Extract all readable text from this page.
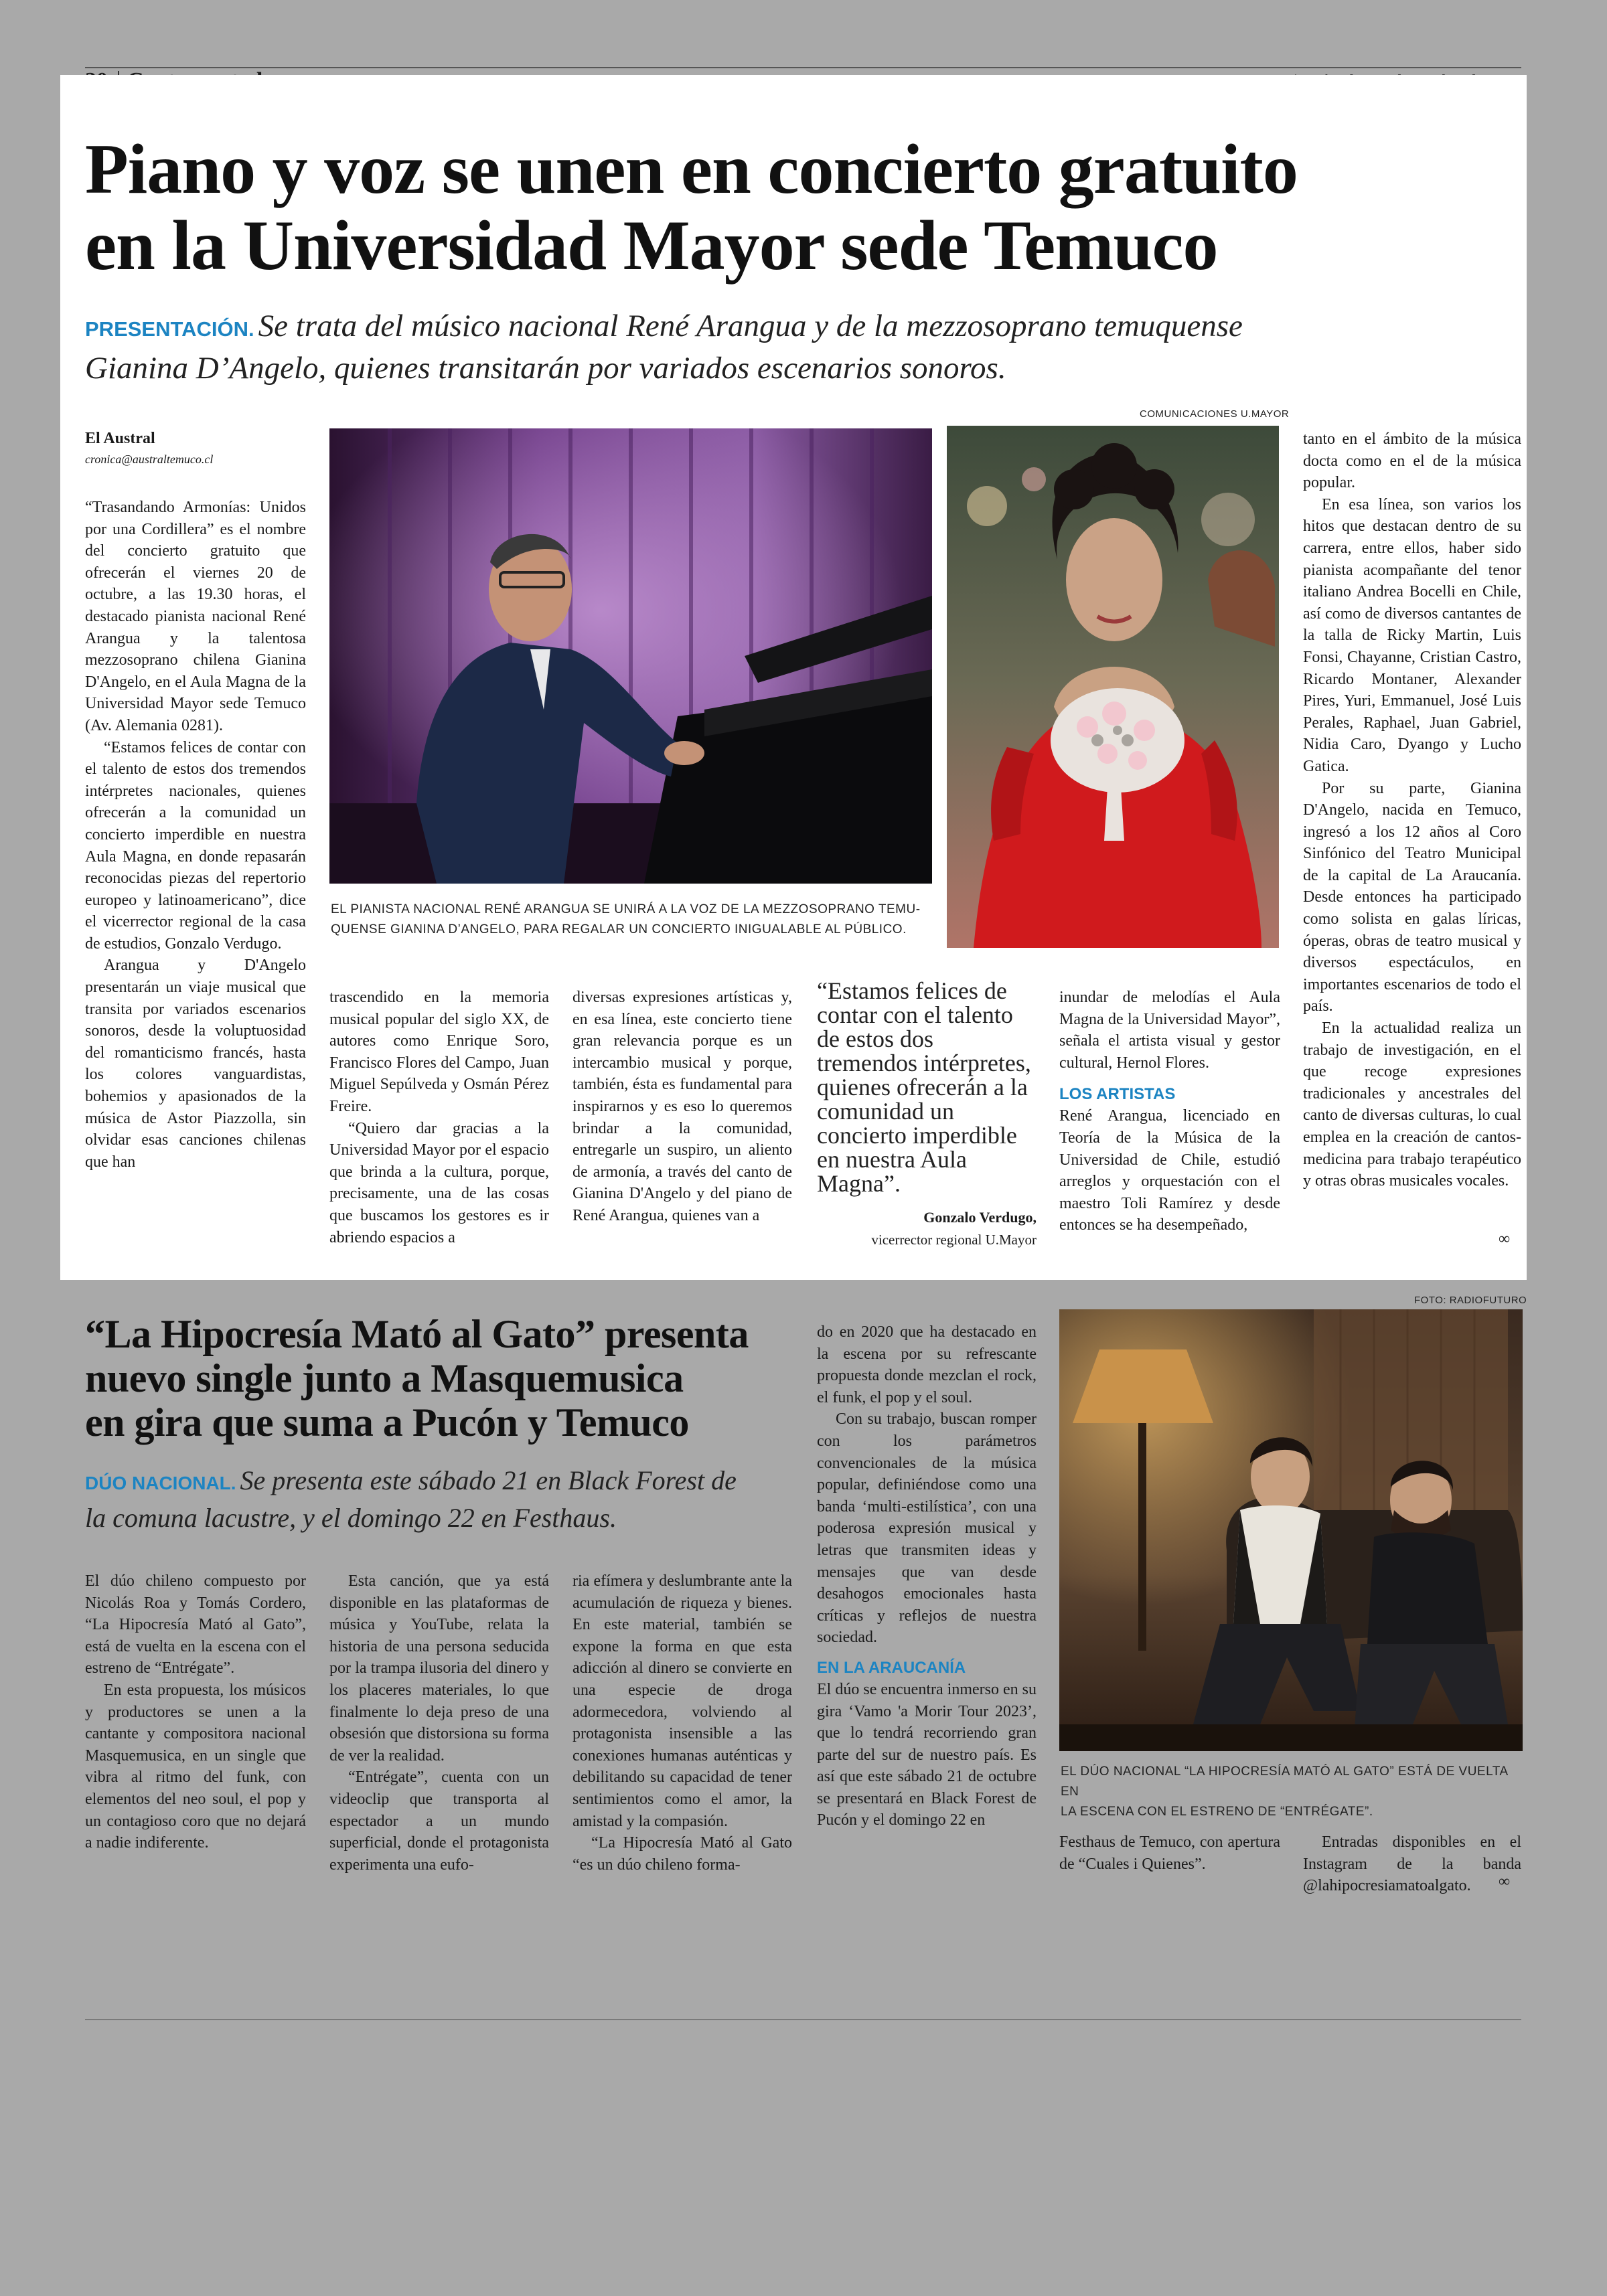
Piano y voz se unen en concierto gratuito
en la Universidad Mayor sede Temuco
PRESENTACIÓN. Se trata del músico nacional René Arangua y de la mezzosoprano temuquense
Gianina D’Angelo, quienes transitarán por variados escenarios sonoros.
El Austral
cronica@australtemuco.cl
COMUNICACIONES U.MAYOR
EL PIANISTA NACIONAL RENÉ ARANGUA SE UNIRÁ A LA VOZ DE LA MEZZOSOPRANO TEMU-
QUENSE GIANINA D’ANGELO, PARA REGALAR UN CONCIERTO INIGUALABLE AL PÚBLICO.

“Trasandando Armonías: Unidos por una Cordillera” es el nombre del concierto gratuito que ofrecerán el viernes 20 de octubre, a las 19.30 horas, el destacado pianista nacional René Arangua y la talentosa mezzosoprano chilena Gianina D'Angelo, en el Aula Magna de la Universidad Mayor sede Temuco (Av. Alemania 0281).

“Estamos felices de contar con el talento de estos dos tremendos intérpretes nacionales, quienes ofrecerán a la comunidad un concierto imperdible en nuestra Aula Magna, en donde repasarán reconocidas piezas del repertorio europeo y latinoamericano”, dice el vicerrector regional de la casa de estudios, Gonzalo Verdugo.

Arangua y D'Angelo presentarán un viaje musical que transita por variados escenarios sonoros, desde la voluptuosidad del romanticismo francés, hasta los colores vanguardistas, bohemios y apasionados de la música de Astor Piazzolla, sin olvidar esas canciones chilenas que han

trascendido en la memoria musical popular del siglo XX, de autores como Enrique Soro, Francisco Flores del Campo, Juan Miguel Sepúlveda y Osmán Pérez Freire.

“Quiero dar gracias a la Universidad Mayor por el espacio que brinda a la cultura, porque, precisamente, una de las cosas que buscamos los gestores es ir abriendo espacios a

diversas expresiones artísticas y, en esa línea, este concierto tiene gran relevancia porque es un intercambio musical y porque, también, ésta es fundamental para inspirarnos y es eso lo queremos brindar a la comunidad, entregarle un suspiro, un aliento de armonía, a través del canto de Gianina D'Angelo y del piano de René Arangua, quienes van a

“Estamos felices de contar con el talento de estos dos tremendos intérpretes, quienes ofrecerán a la comunidad un concierto imperdible en nuestra Aula Magna”.
Gonzalo Verdugo,
vicerrector regional U.Mayor

inundar de melodías el Aula Magna de la Universidad Mayor”, señala el artista visual y gestor cultural, Hernol Flores.

LOS ARTISTAS

René Arangua, licenciado en Teoría de la Música de la Universidad de Chile, estudió arreglos y orquestación con el maestro Toli Ramírez y desde entonces se ha desempeñado,

tanto en el ámbito de la música docta como en el de la música popular.

En esa línea, son varios los hitos que destacan dentro de su carrera, entre ellos, haber sido pianista acompañante del tenor italiano Andrea Bocelli en Chile, así como de diversos cantantes de la talla de Ricky Martin, Luis Fonsi, Chayanne, Cristian Castro, Ricardo Montaner, Alexander Pires, Yuri, Emmanuel, José Luis Perales, Raphael, Juan Gabriel, Nidia Caro, Dyango y Lucho Gatica.

Por su parte, Gianina D'Angelo, nacida en Temuco, ingresó a los 12 años al Coro Sinfónico del Teatro Municipal de la capital de La Araucanía. Desde entonces ha participado como solista en galas líricas, óperas, obras de teatro musical y diversos espectáculos, en importantes escenarios de todo el país.

En la actualidad realiza un trabajo de investigación, en el que recoge expresiones tradicionales y ancestrales del canto de diversas culturas, lo cual emplea en la creación de cantos-medicina para trabajo terapéutico y otras obras musicales vocales.

∞
“La Hipocresía Mató al Gato” presenta
nuevo single junto a Masquemusica
en gira que suma a Pucón y Temuco
DÚO NACIONAL. Se presenta este sábado 21 en Black Forest de
la comuna lacustre, y el domingo 22 en Festhaus.

El dúo chileno compuesto por Nicolás Roa y Tomás Cordero, “La Hipocresía Mató al Gato”, está de vuelta en la escena con el estreno de “Entrégate”.

En esta propuesta, los músicos y productores se unen a la cantante y compositora nacional Masquemusica, en un single que vibra al ritmo del funk, con elementos del neo soul, el pop y un contagioso coro que no dejará a nadie indiferente.

Esta canción, que ya está disponible en las plataformas de música y YouTube, relata la historia de una persona seducida por la trampa ilusoria del dinero y los placeres materiales, lo que finalmente lo deja preso de una obsesión que distorsiona su forma de ver la realidad.

“Entrégate”, cuenta con un videoclip que transporta al espectador a un mundo superficial, donde el protagonista experimenta una eufo-

ria efímera y deslumbrante ante la acumulación de riqueza y bienes. En este material, también se expone la forma en que esta adicción al dinero se convierte en una especie de droga adormecedora, volviendo al protagonista insensible a las conexiones humanas auténticas y debilitando su capacidad de tener sentimientos como el amor, la amistad y la compasión.

“La Hipocresía Mató al Gato “es un dúo chileno forma-

do en 2020 que ha destacado en la escena por su refrescante propuesta donde mezclan el rock, el funk, el pop y el soul.

Con su trabajo, buscan romper con los parámetros convencionales de la música popular, definiéndose como una banda ‘multi-estilística’, con una poderosa expresión musical y letras que transmiten ideas y mensajes que van desde desahogos emocionales hasta críticas y reflejos de nuestra sociedad.

EN LA ARAUCANÍA

El dúo se encuentra inmerso en su gira ‘Vamo 'a Morir Tour 2023’, que lo tendrá recorriendo gran parte del sur de nuestro país. Es así que este sábado 21 de octubre se presentará en Black Forest de Pucón y el domingo 22 en

FOTO: RADIOFUTURO
EL DÚO NACIONAL “LA HIPOCRESÍA MATÓ AL GATO” ESTÁ DE VUELTA EN
LA ESCENA CON EL ESTRENO DE “ENTRÉGATE”.

Festhaus de Temuco, con apertura de “Cuales i Quienes”.

Entradas disponibles en el Instagram de la banda @lahipocresiamatoalgato.	∞
